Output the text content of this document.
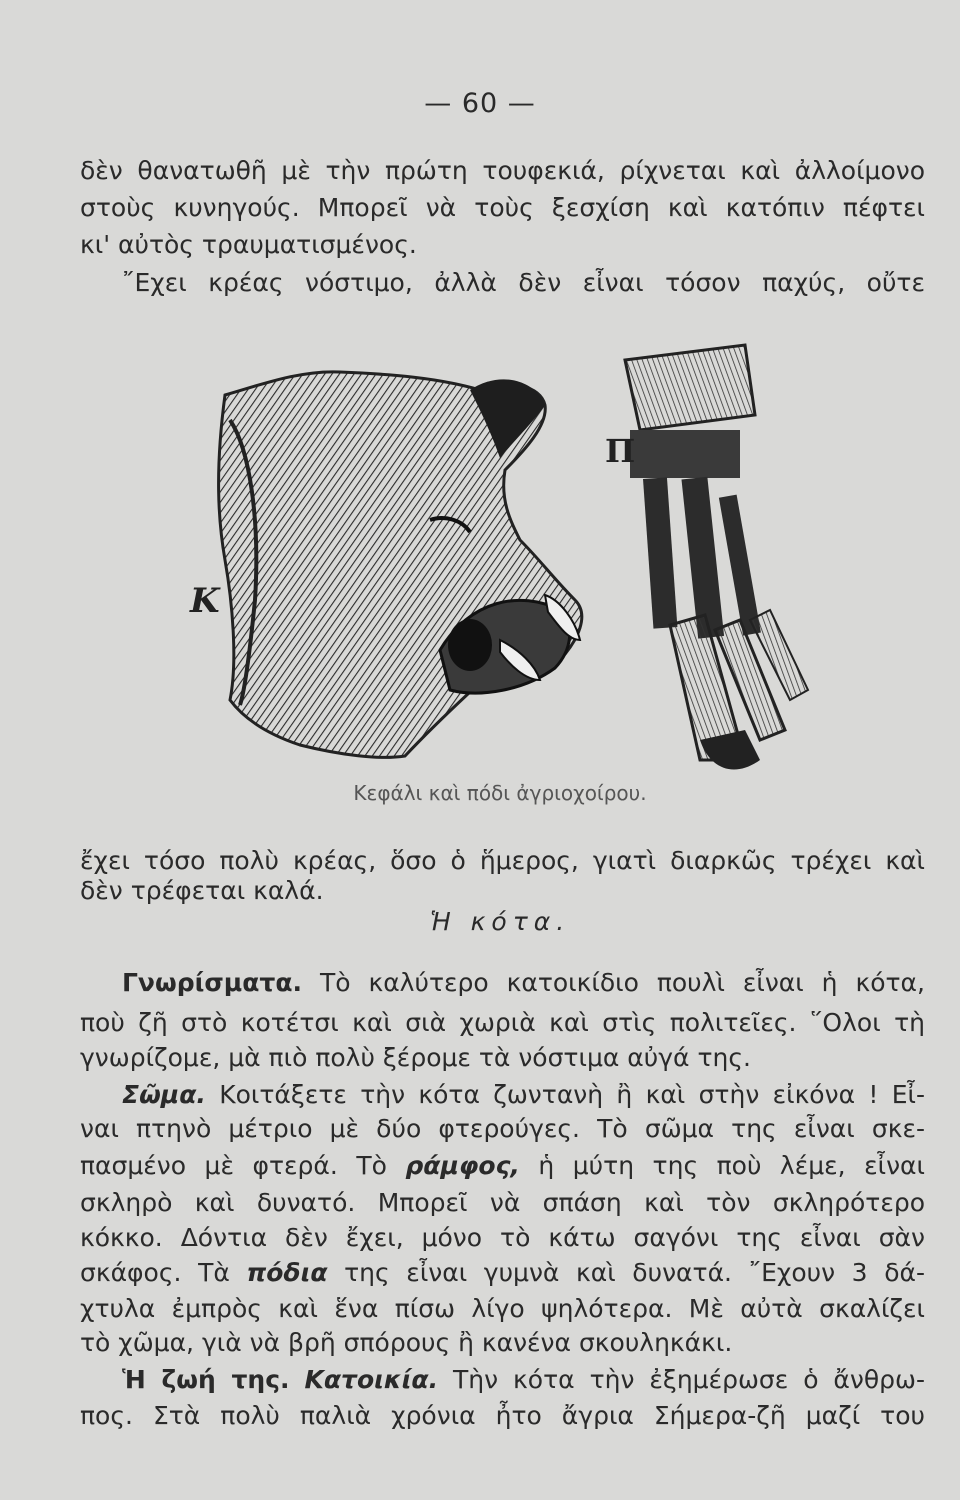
— 60 —
δὲν θανατωθῆ μὲ τὴν πρώτη τουφεκιά, ρίχνεται καὶ ἀλλοίμονο
στοὺς κυνηγούς. Μπορεῖ νὰ τοὺς ξεσχίση καὶ κατόπιν πέφτει
κι' αὐτὸς τραυματισμένος.
῎Εχει κρέας νόστιμο, ἀλλὰ δὲν εἶναι τόσον παχύς, οὔτε
K
Π
Κεφάλι καὶ πόδι ἀγριοχοίρου.
ἔχει τόσο πολὺ κρέας, ὅσο ὁ ἥμερος, γιατὶ διαρκῶς τρέχει καὶ
δὲν τρέφεται καλά.
Ἡ κότα.
Γνωρίσματα. Τὸ καλύτερο κατοικίδιο πουλὶ εἶναι ἡ κότα,
ποὺ ζῆ στὸ κοτέτσι καὶ σιὰ χωριὰ καὶ στὶς πολιτεῖες. ῞Ολοι τὴ
γνωρίζομε, μὰ πιὸ πολὺ ξέρομε τὰ νόστιμα αὐγά της.
Σῶμα. Κοιτάξετε τὴν κότα ζωντανὴ ἢ καὶ στὴν εἰκόνα ! Εἶ-
ναι πτηνὸ μέτριο μὲ δύο φτερούγες. Τὸ σῶμα της εἶναι σκε-
πασμένο μὲ φτερά. Τὸ ράμφος, ἡ μύτη της ποὺ λέμε, εἶναι
σκληρὸ καὶ δυνατό. Μπορεῖ νὰ σπάση καὶ τὸν σκληρότερο
κόκκο. Δόντια δὲν ἔχει, μόνο τὸ κάτω σαγόνι της εἶναι σὰν
σκάφος. Τὰ πόδια της εἶναι γυμνὰ καὶ δυνατά. ῎Εχουν 3 δά-
χτυλα ἐμπρὸς καὶ ἕνα πίσω λίγο ψηλότερα. Μὲ αὐτὰ σκαλίζει
τὸ χῶμα, γιὰ νὰ βρῆ σπόρους ἢ κανένα σκουληκάκι.
Ἡ ζωή της. Κατοικία. Τὴν κότα τὴν ἐξημέρωσε ὁ ἄνθρω-
πος. Στὰ πολὺ παλιὰ χρόνια ἦτο ἄγρια Σήμερα-ζῆ μαζί του
